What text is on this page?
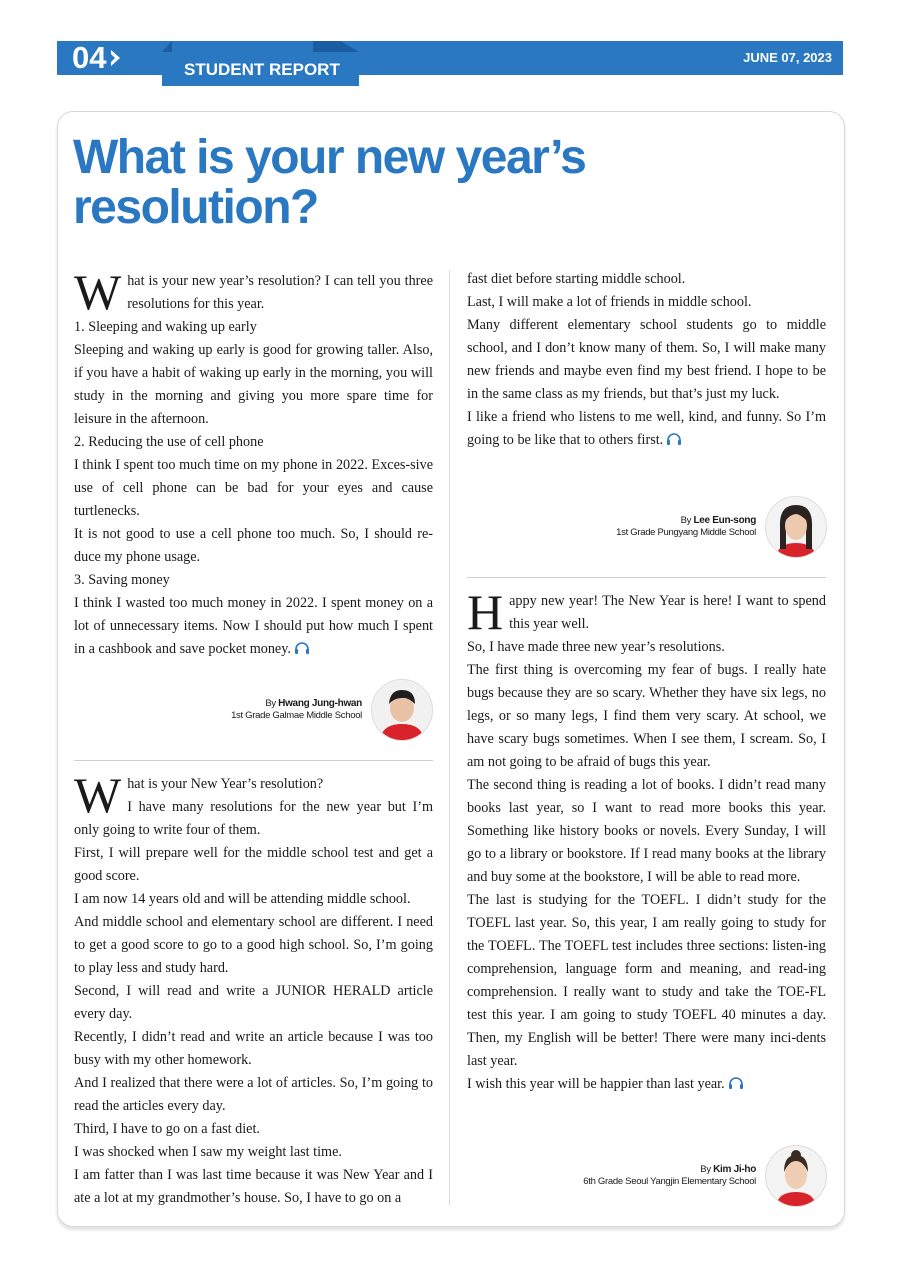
04	STUDENT REPORT
JUNE 07, 2023
What is your new year’s resolution?

What is your new year’s resolution? I can tell you three resolutions for this year.

1. Sleeping and waking up early

Sleeping and waking up early is good for growing taller. Also, if you have a habit of waking up early in the morning, you will study in the morning and giving you more spare time for leisure in the afternoon.

2. Reducing the use of cell phone

I think I spent too much time on my phone in 2022. Exces-sive use of cell phone can be bad for your eyes and cause turtlenecks.

It is not good to use a cell phone too much. So, I should re-duce my phone usage.

3. Saving money

I think I wasted too much money in 2022. I spent money on a lot of unnecessary items. Now I should put how much I spent in a cashbook and save pocket money.

By Hwang Jung-hwan
1st Grade Galmae Middle School

What is your New Year’s resolution?
I have many resolutions for the new year but I’m only going to write four of them.

First, I will prepare well for the middle school test and get a good score.

I am now 14 years old and will be attending middle school.

And middle school and elementary school are different. I need to get a good score to go to a good high school. So, I’m going to play less and study hard.

Second, I will read and write a JUNIOR HERALD article every day.

Recently, I didn’t read and write an article because I was too busy with my other homework.

And I realized that there were a lot of articles. So, I’m going to read the articles every day.

Third, I have to go on a fast diet.

I was shocked when I saw my weight last time.

I am fatter than I was last time because it was New Year and I ate a lot at my grandmother’s house. So, I have to go on a

fast diet before starting middle school.

Last, I will make a lot of friends in middle school.

Many different elementary school students go to middle school, and I don’t know many of them. So, I will make many new friends and maybe even find my best friend. I hope to be in the same class as my friends, but that’s just my luck.

I like a friend who listens to me well, kind, and funny. So I’m going to be like that to others first.

By Lee Eun-song
1st Grade Pungyang Middle School

Happy new year! The New Year is here! I want to spend this year well.

So, I have made three new year’s resolutions.

The first thing is overcoming my fear of bugs. I really hate bugs because they are so scary. Whether they have six legs, no legs, or so many legs, I find them very scary. At school, we have scary bugs sometimes. When I see them, I scream. So, I am not going to be afraid of bugs this year.

The second thing is reading a lot of books. I didn’t read many books last year, so I want to read more books this year. Something like history books or novels. Every Sunday, I will go to a library or bookstore. If I read many books at the library and buy some at the bookstore, I will be able to read more.

The last is studying for the TOEFL. I didn’t study for the TOEFL last year. So, this year, I am really going to study for the TOEFL. The TOEFL test includes three sections: listen-ing comprehension, language form and meaning, and read-ing comprehension. I really want to study and take the TOE-FL test this year. I am going to study TOEFL 40 minutes a day. Then, my English will be better! There were many inci-dents last year.

I wish this year will be happier than last year.

By Kim Ji-ho
6th Grade Seoul Yangjin Elementary School
